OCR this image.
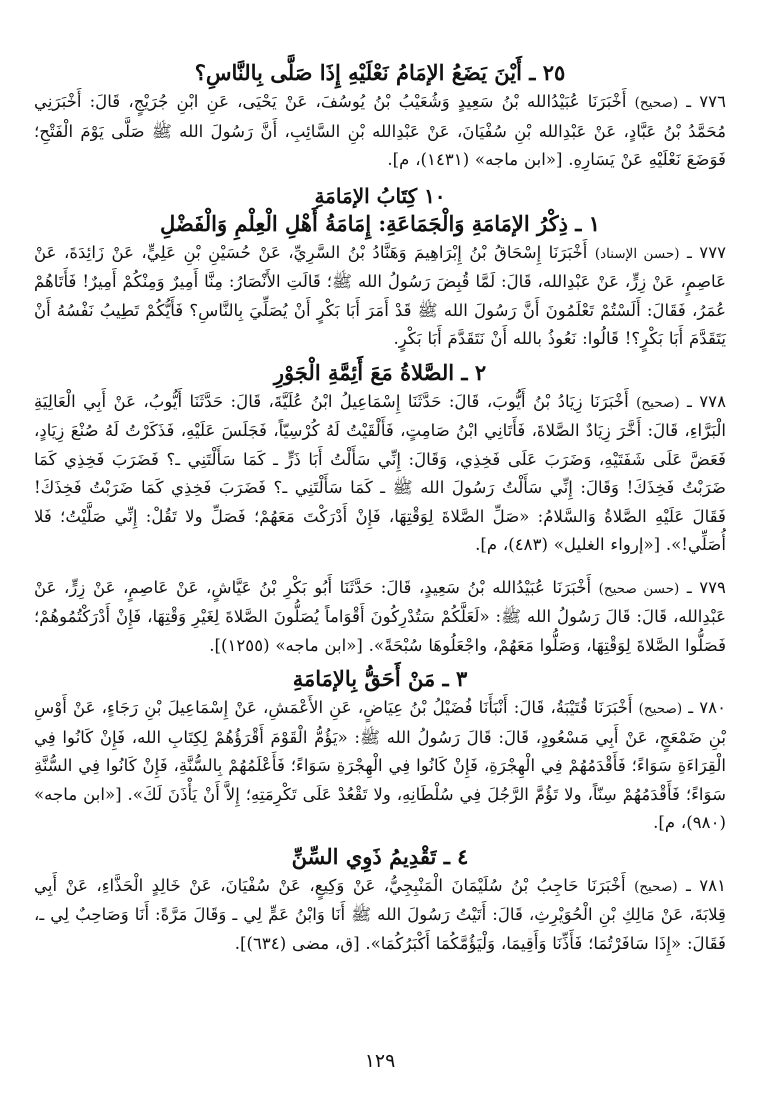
٢٥ ـ أَيْنَ يَضَعُ الإمَامُ نَعْلَيْهِ إِذَا صَلَّى بِالنَّاسِ؟

٧٧٦ ـ (صحيح) أَخْبَرَنَا عُبَيْدُالله بْنُ سَعِيدٍ وَشُعَيْبُ بْنُ يُوسُفَ، عَنْ يَحْيَى، عَنِ ابْنِ جُرَيْجٍ، قَالَ: أَخْبَرَنِي مُحَمَّدُ بْنُ عَبَّادٍ، عَنْ عَبْدِالله بْنِ سُفْيَانَ، عَنْ عَبْدِالله بْنِ السَّائِبِ، أَنَّ رَسُولَ الله ﷺ صَلَّى يَوْمَ الْفَتْحِ؛ فَوَضَعَ نَعْلَيْهِ عَنْ يَسَارِهِ. [«ابن ماجه» (١٤٣١)، م].

١٠ كِتَابُ الإمَامَةِ
١ ـ ذِكْرُ الإمَامَةِ وَالْجَمَاعَةِ: إِمَامَةُ أَهْلِ الْعِلْمِ وَالْفَضْلِ

٧٧٧ ـ (حسن الإسناد) أَخْبَرَنَا إِسْحَاقُ بْنُ إِبْرَاهِيمَ وَهَنَّادُ بْنُ السَّرِيِّ، عَنْ حُسَيْنِ بْنِ عَلِيٍّ، عَنْ زَائِدَةَ، عَنْ عَاصِمٍ، عَنْ زِرٍّ، عَنْ عَبْدِالله، قَالَ: لَمَّا قُبِضَ رَسُولُ الله ﷺ؛ قَالَتِ الأَنْصَارُ: مِنَّا أَمِيرٌ وَمِنْكُمْ أَمِيرٌ! فَأَتَاهُمْ عُمَرُ، فَقَالَ: أَلَسْتُمْ تَعْلَمُونَ أَنَّ رَسُولَ الله ﷺ قَدْ أَمَرَ أَبَا بَكْرٍ أَنْ يُصَلِّيَ بِالنَّاسِ؟ فَأَيُّكُمْ تَطِيبُ نَفْسُهُ أَنْ يَتَقَدَّمَ أَبَا بَكْرٍ؟! قَالُوا: نَعُوذُ بالله أَنْ نَتَقَدَّمَ أَبَا بَكْرٍ.

٢ ـ الصَّلاةُ مَعَ أَئِمَّةِ الْجَوْرِ

٧٧٨ ـ (صحيح) أَخْبَرَنَا زِيَادُ بْنُ أَيُّوبَ، قَالَ: حَدَّثَنَا إِسْمَاعِيلُ ابْنُ عُلَيَّةَ، قَالَ: حَدَّثَنَا أَيُّوبُ، عَنْ أَبِي الْعَالِيَةِ الْبَرَّاءِ، قَالَ: أَخَّرَ زِيَادٌ الصَّلاةَ، فَأَتَانِي ابْنُ صَامِتٍ، فَأَلْقَيْتُ لَهُ كُرْسِيّاً، فَجَلَسَ عَلَيْهِ، فَذَكَرْتُ لَهُ صُنْعَ زِيَادٍ، فَعَضَّ عَلَى شَفَتَيْهِ، وَضَرَبَ عَلَى فَخِذِي، وَقَالَ: إِنِّي سَأَلْتُ أَبَا ذَرٍّ ـ كَمَا سَأَلْتَنِي ـ؟ فَضَرَبَ فَخِذِي كَمَا ضَرَبْتُ فَخِذَكَ! وَقَالَ: إِنِّي سَأَلْتُ رَسُولَ الله ﷺ ـ كَمَا سَأَلْتَنِي ـ؟ فَضَرَبَ فَخِذِي كَمَا ضَرَبْتُ فَخِذَكَ! فَقَالَ عَلَيْهِ الصَّلاةُ وَالسَّلامُ: «صَلِّ الصَّلاةَ لِوَقْتِهَا، فَإِنْ أَدْرَكْتَ مَعَهُمْ؛ فَصَلِّ ولا تَقُلْ: إِنِّي صَلَّيْتُ؛ فَلا أُصَلِّي!». [«إرواء الغليل» (٤٨٣)، م].

٧٧٩ ـ (حسن صحيح) أَخْبَرَنَا عُبَيْدُالله بْنُ سَعِيدٍ، قَالَ: حَدَّثَنَا أَبُو بَكْرِ بْنُ عَيَّاشٍ، عَنْ عَاصِمٍ، عَنْ زِرٍّ، عَنْ عَبْدِالله، قَالَ: قَالَ رَسُولُ الله ﷺ: «لَعَلَّكُمْ سَتُدْرِكُونَ أَقْوَاماً يُصَلُّونَ الصَّلاةَ لِغَيْرِ وَقْتِهَا، فَإِنْ أَدْرَكْتُمُوهُمْ؛ فَصَلُّوا الصَّلاةَ لِوَقْتِهَا، وَصَلُّوا مَعَهُمْ، واجْعَلُوهَا سُبْحَةً». [«ابن ماجه» (١٢٥٥)].

٣ ـ مَنْ أَحَقُّ بِالإمَامَةِ

٧٨٠ ـ (صحيح) أَخْبَرَنَا قُتَيْبَةُ، قَالَ: أَنْبَأَنَا فُضَيْلُ بْنُ عِيَاضٍ، عَنِ الأَعْمَشِ، عَنْ إِسْمَاعِيلَ بْنِ رَجَاءٍ، عَنْ أَوْسِ بْنِ ضَمْعَجٍ، عَنْ أَبِي مَسْعُودٍ، قَالَ: قَالَ رَسُولُ الله ﷺ: «يَؤُمُّ الْقَوْمَ أَقْرَؤُهُمْ لِكِتَابِ الله، فَإِنْ كَانُوا فِي الْقِرَاءَةِ سَوَاءً؛ فَأَقْدَمُهُمْ فِي الْهِجْرَةِ، فَإِنْ كَانُوا فِي الْهِجْرَةِ سَوَاءً؛ فَأَعْلَمُهُمْ بِالسُّنَّةِ، فَإِنْ كَانُوا فِي السُّنَّةِ سَوَاءً؛ فَأَقْدَمُهُمْ سِنّاً، ولا تَؤُمَّ الرَّجُلَ فِي سُلْطَانِهِ، ولا تَقْعُدْ عَلَى تَكْرِمَتِهِ؛ إِلاَّ أَنْ يَأْذَنَ لَكَ». [«ابن ماجه» (٩٨٠)، م].

٤ ـ تَقْدِيمُ ذَوِي السِّنِّ

٧٨١ ـ (صحيح) أَخْبَرَنَا حَاجِبُ بْنُ سُلَيْمَانَ الْمَنْبِجِيُّ، عَنْ وَكِيعٍ، عَنْ سُفْيَانَ، عَنْ خَالِدٍ الْحَذَّاءِ، عَنْ أَبِي قِلابَةَ، عَنْ مَالِكِ بْنِ الْحُوَيْرِثِ، قَالَ: أَتَيْتُ رَسُولَ الله ﷺ أَنَا وَابْنُ عَمٍّ لِي ـ وَقَالَ مَرَّةً: أَنَا وَصَاحِبٌ لِي ـ، فَقَالَ: «إِذَا سَافَرْتُمَا؛ فَأَذِّنَا وَأَقِيمَا، وَلْيَؤُمَّكُمَا أَكْبَرُكُمَا». [ق، مضى (٦٣٤)].

١٢٩
